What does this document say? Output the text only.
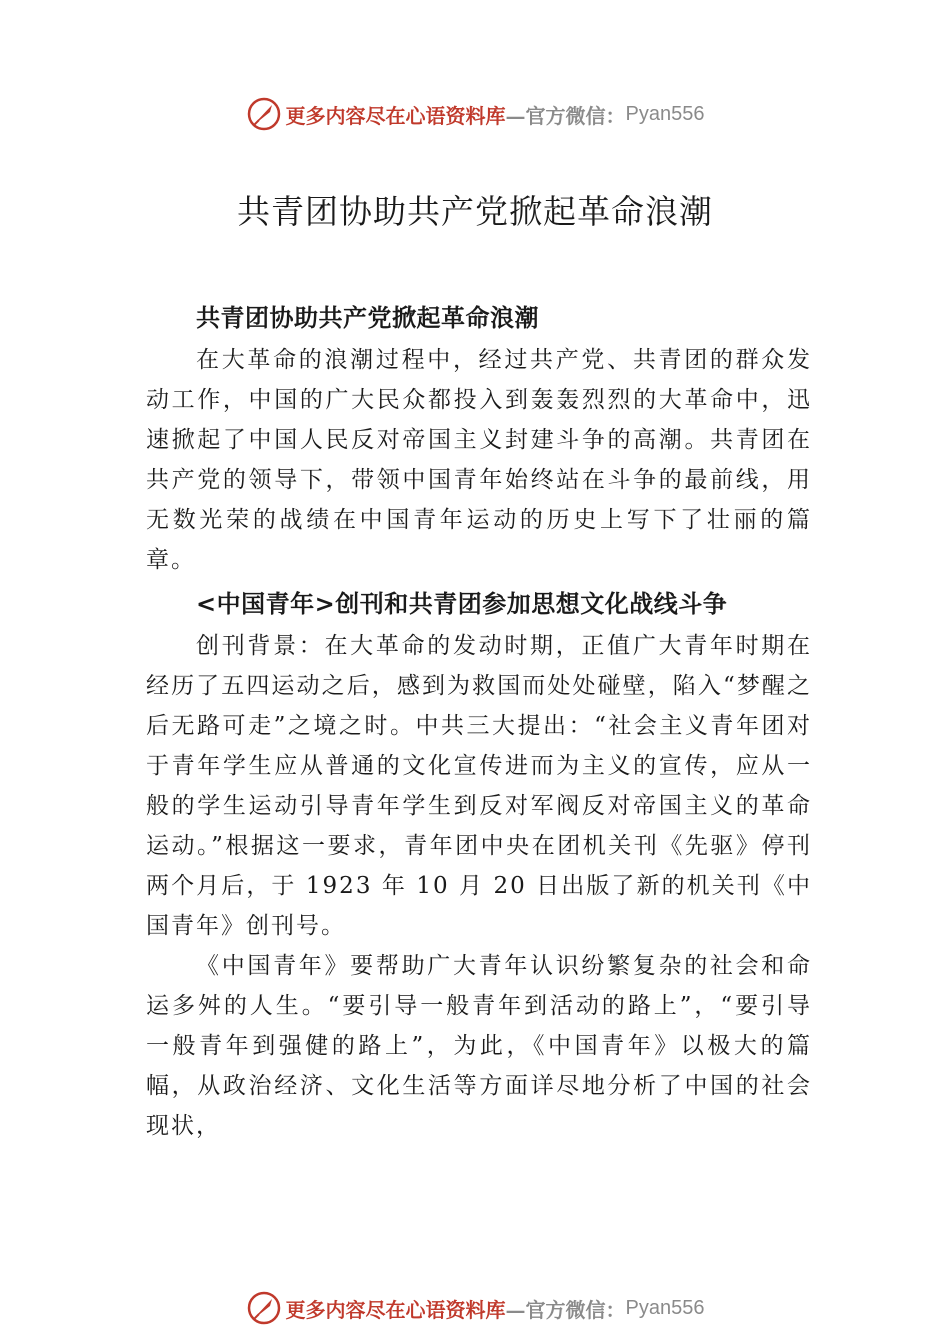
更多内容尽在心语资料库 —官方微信： Pyan556
共青团协助共产党掀起革命浪潮

共青团协助共产党掀起革命浪潮

在大革命的浪潮过程中，经过共产党、共青团的群众发动工作，中国的广大民众都投入到轰轰烈烈的大革命中，迅速掀起了中国人民反对帝国主义封建斗争的高潮。共青团在共产党的领导下，带领中国青年始终站在斗争的最前线，用无数光荣的战绩在中国青年运动的历史上写下了壮丽的篇章。

<中国青年>创刊和共青团参加思想文化战线斗争

创刊背景：在大革命的发动时期，正值广大青年时期在经历了五四运动之后，感到为救国而处处碰壁，陷入“梦醒之后无路可走”之境之时。中共三大提出：“社会主义青年团对于青年学生应从普通的文化宣传进而为主义的宣传，应从一般的学生运动引导青年学生到反对军阀反对帝国主义的革命运动。”根据这一要求，青年团中央在团机关刊《先驱》停刊两个月后，于 1923 年 10 月 20 日出版了新的机关刊《中国青年》创刊号。

《中国青年》要帮助广大青年认识纷繁复杂的社会和命运多舛的人生。“要引导一般青年到活动的路上”，“要引导一般青年到强健的路上”，为此，《中国青年》以极大的篇幅，从政治经济、文化生活等方面详尽地分析了中国的社会现状，

更多内容尽在心语资料库 —官方微信： Pyan556
